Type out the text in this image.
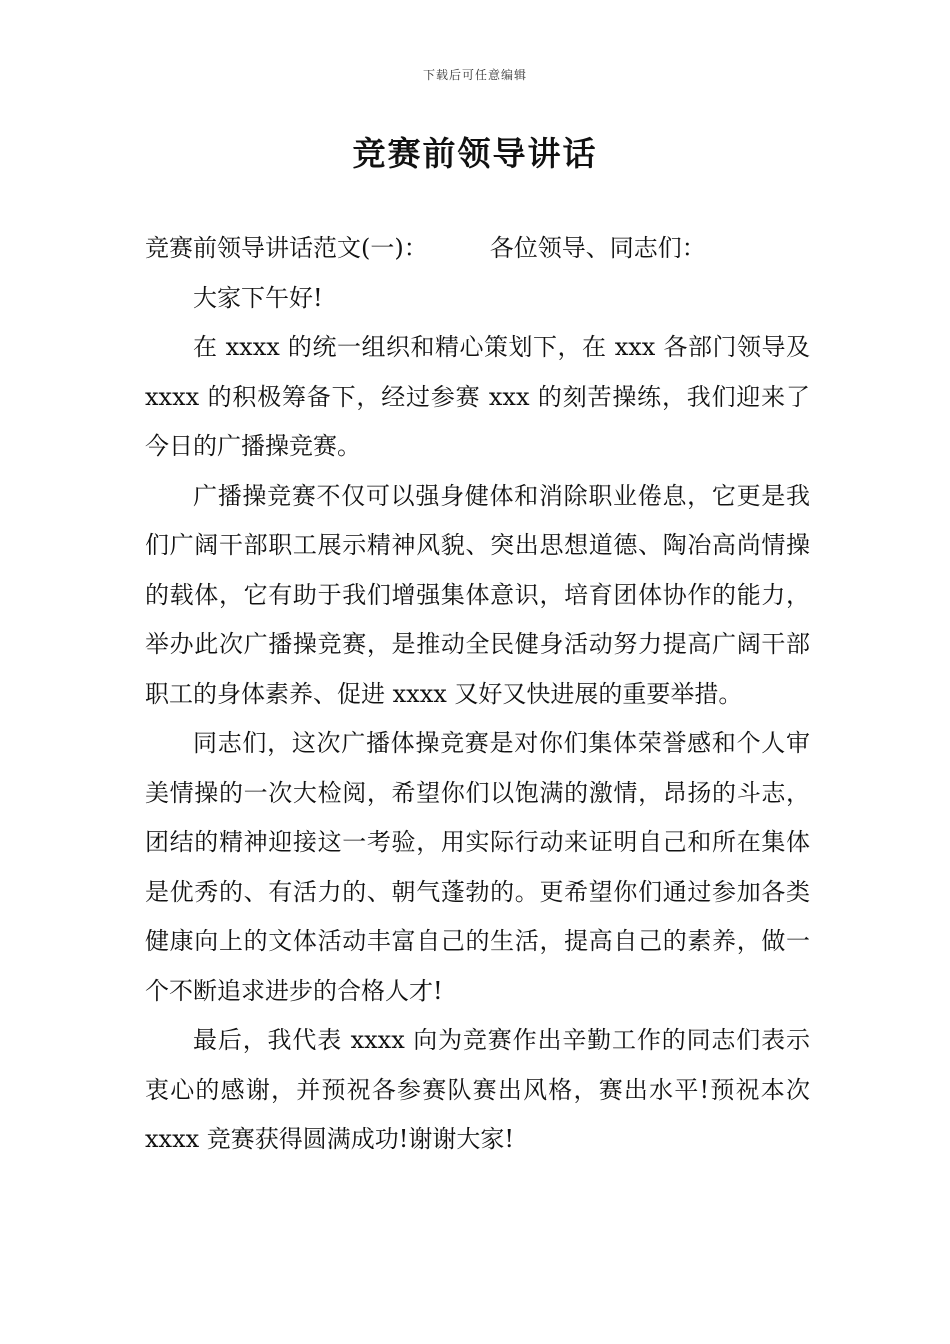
下载后可任意编辑
竞赛前领导讲话

竞赛前领导讲话范文(一)：	各位领导、同志们：

大家下午好!

在 xxxx 的统一组织和精心策划下，在 xxx 各部门领导及 xxxx 的积极筹备下，经过参赛 xxx 的刻苦操练，我们迎来了今日的广播操竞赛。

广播操竞赛不仅可以强身健体和消除职业倦息，它更是我们广阔干部职工展示精神风貌、突出思想道德、陶冶高尚情操的载体，它有助于我们增强集体意识，培育团体协作的能力，举办此次广播操竞赛，是推动全民健身活动努力提高广阔干部职工的身体素养、促进 xxxx 又好又快进展的重要举措。

同志们，这次广播体操竞赛是对你们集体荣誉感和个人审美情操的一次大检阅，希望你们以饱满的激情，昂扬的斗志，团结的精神迎接这一考验，用实际行动来证明自己和所在集体是优秀的、有活力的、朝气蓬勃的。更希望你们通过参加各类健康向上的文体活动丰富自己的生活，提高自己的素养，做一个不断追求进步的合格人才!

最后，我代表 xxxx 向为竞赛作出辛勤工作的同志们表示衷心的感谢，并预祝各参赛队赛出风格，赛出水平!预祝本次 xxxx 竞赛获得圆满成功!谢谢大家!
